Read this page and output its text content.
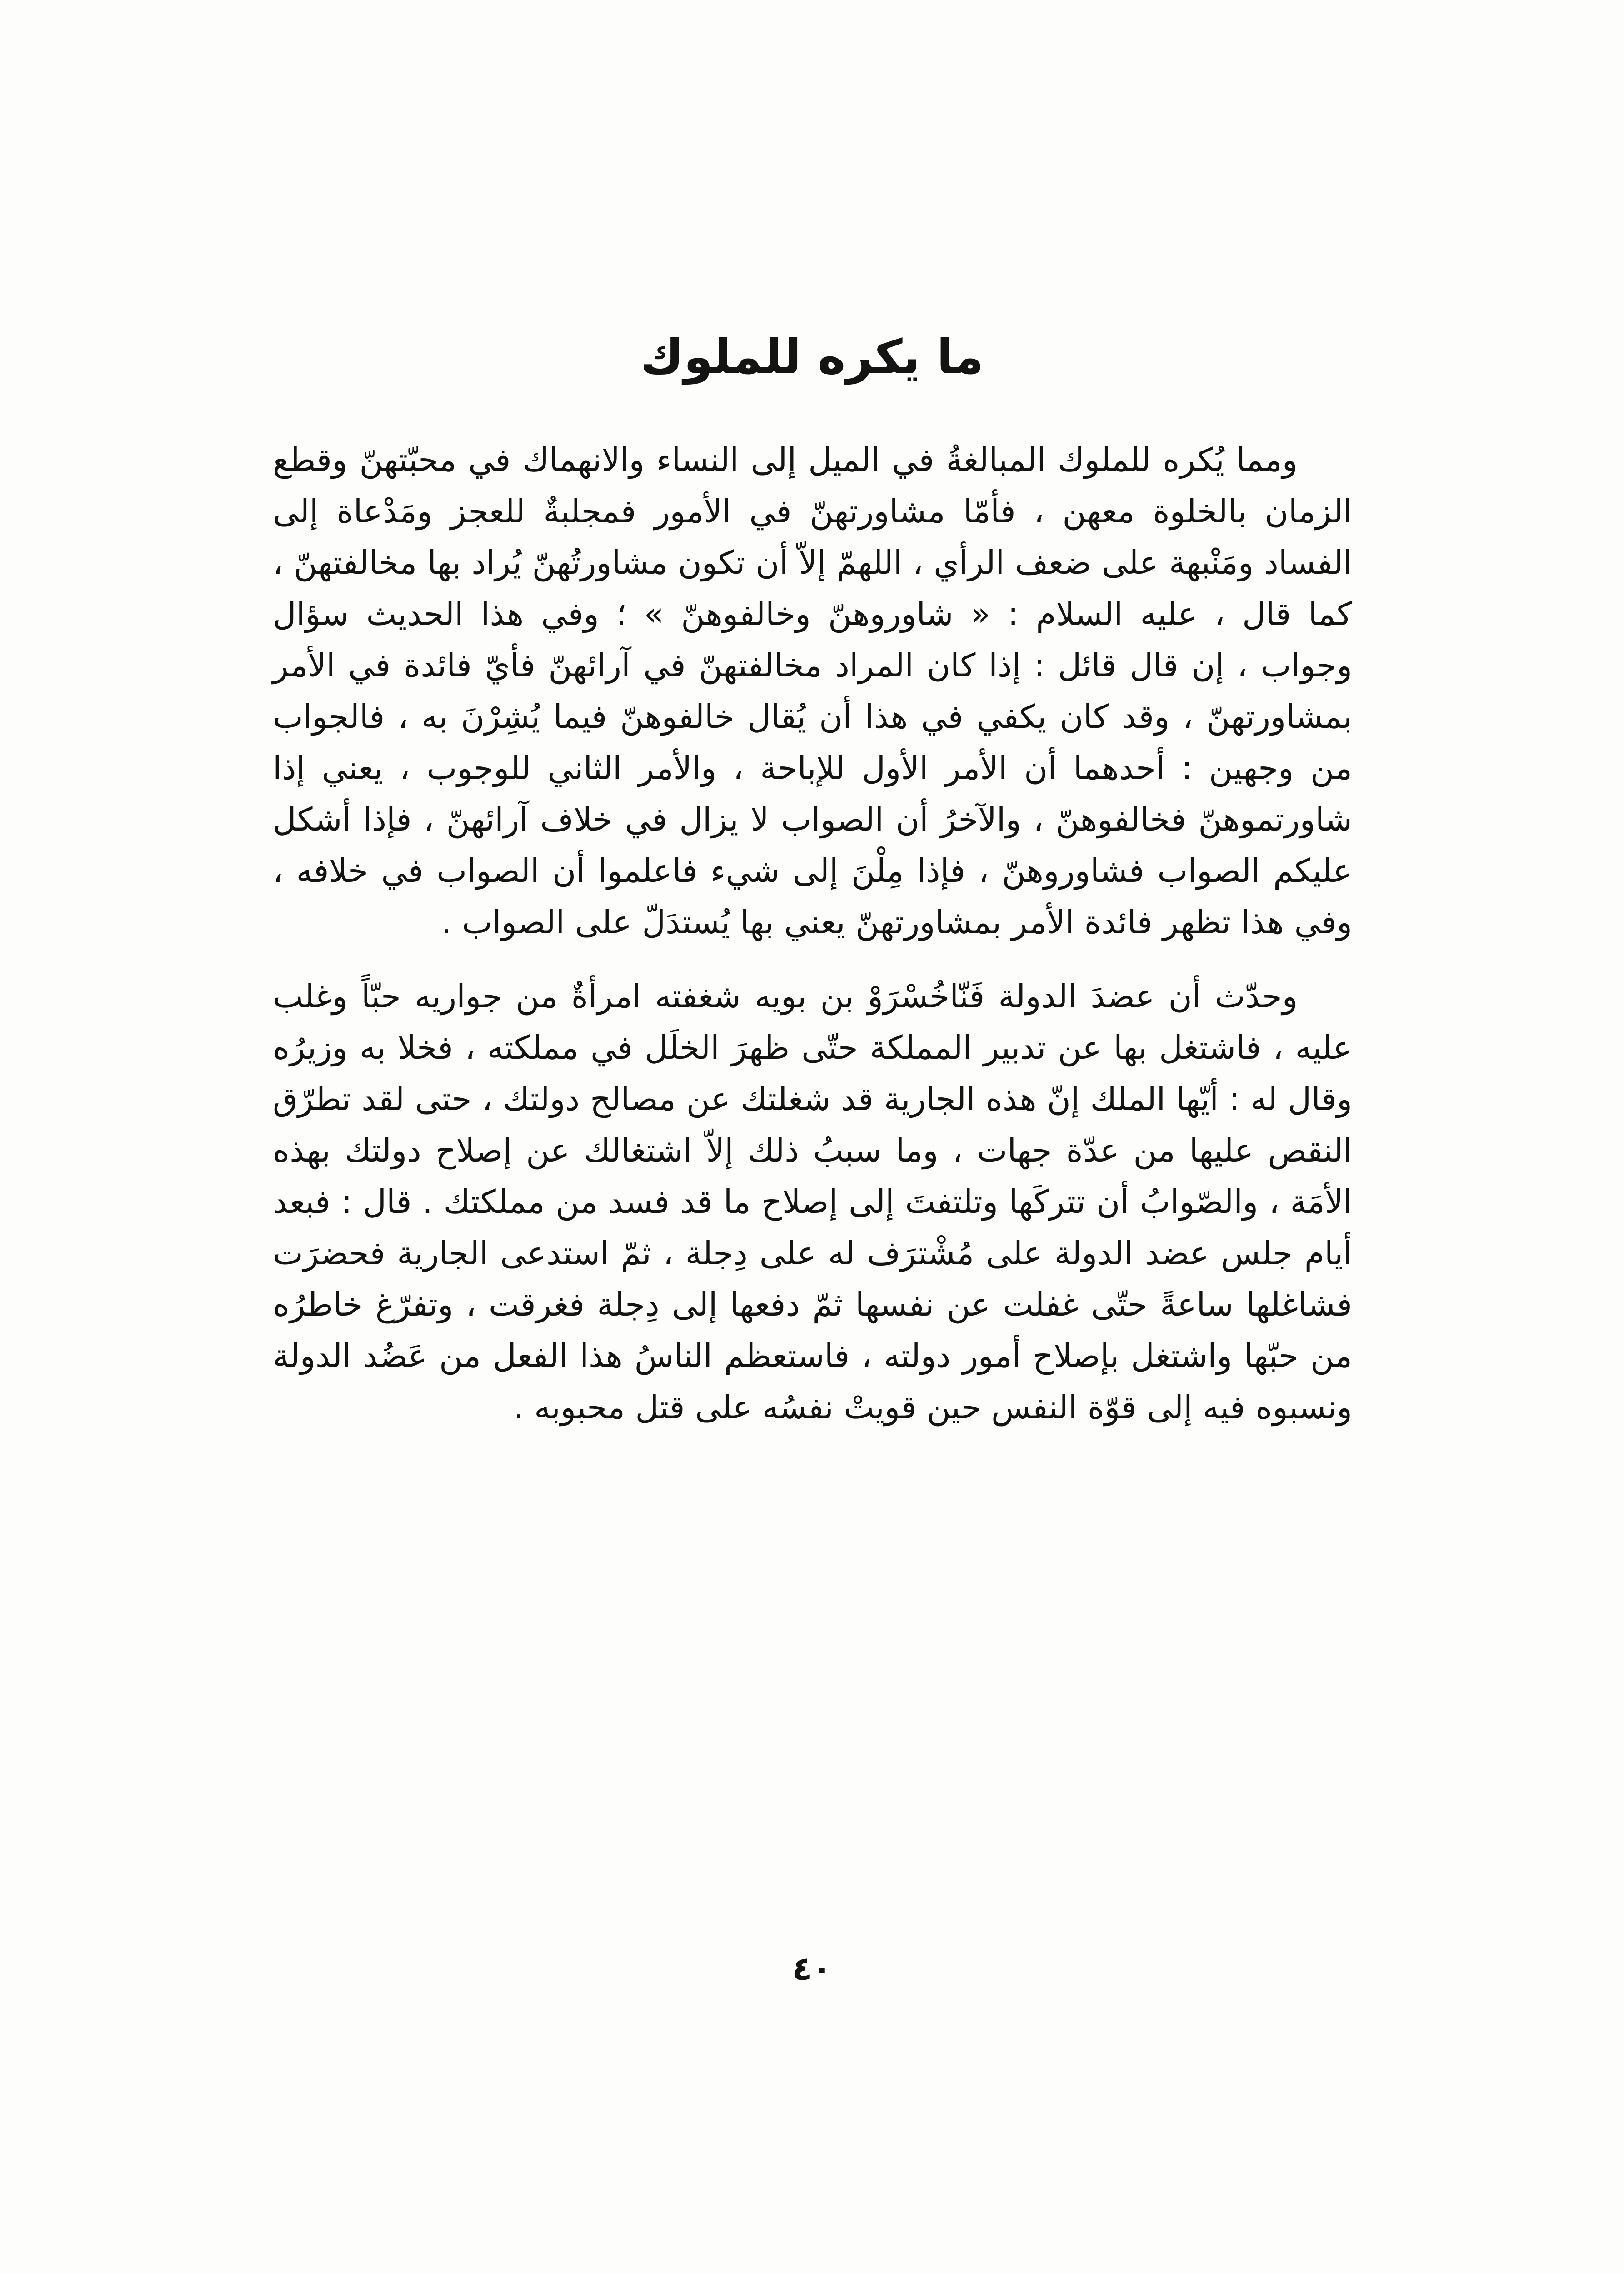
ما يكره للملوك

ومما يُكره للملوك المبالغةُ في الميل إلى النساء والانهماك في محبّتهنّ وقطع الزمان بالخلوة معهن ، فأمّا مشاورتهنّ في الأمور فمجلبةٌ للعجز ومَدْعاة إلى الفساد ومَنْبهة على ضعف الرأي ، اللهمّ إلاّ أن تكون مشاورتُهنّ يُراد بها مخالفتهنّ ، كما قال ، عليه السلام : « شاوروهنّ وخالفوهنّ » ؛ وفي هذا الحديث سؤال وجواب ، إن قال قائل : إذا كان المراد مخالفتهنّ في آرائهنّ فأيّ فائدة في الأمر بمشاورتهنّ ، وقد كان يكفي في هذا أن يُقال خالفوهنّ فيما يُشِرْنَ به ، فالجواب من وجهين : أحدهما أن الأمر الأول للإباحة ، والأمر الثاني للوجوب ، يعني إذا شاورتموهنّ فخالفوهنّ ، والآخرُ أن الصواب لا يزال في خلاف آرائهنّ ، فإذا أشكل عليكم الصواب فشاوروهنّ ، فإذا مِلْنَ إلى شيء فاعلموا أن الصواب في خلافه ، وفي هذا تظهر فائدة الأمر بمشاورتهنّ يعني بها يُستدَلّ على الصواب .

وحدّث أن عضدَ الدولة فَنّاخُسْرَوْ بن بويه شغفته امرأةٌ من جواريه حبّاً وغلب عليه ، فاشتغل بها عن تدبير المملكة حتّى ظهرَ الخلَل في مملكته ، فخلا به وزيرُه وقال له : أيّها الملك إنّ هذه الجارية قد شغلتك عن مصالح دولتك ، حتى لقد تطرّق النقص عليها من عدّة جهات ، وما سببُ ذلك إلاّ اشتغالك عن إصلاح دولتك بهذه الأمَة ، والصّوابُ أن تتركَها وتلتفتَ إلى إصلاح ما قد فسد من مملكتك . قال : فبعد أيام جلس عضد الدولة على مُشْترَف له على دِجلة ، ثمّ استدعى الجارية فحضرَت فشاغلها ساعةً حتّى غفلت عن نفسها ثمّ دفعها إلى دِجلة فغرقت ، وتفرّغ خاطرُه من حبّها واشتغل بإصلاح أمور دولته ، فاستعظم الناسُ هذا الفعل من عَضُد الدولة ونسبوه فيه إلى قوّة النفس حين قويتْ نفسُه على قتل محبوبه .

٤٠
